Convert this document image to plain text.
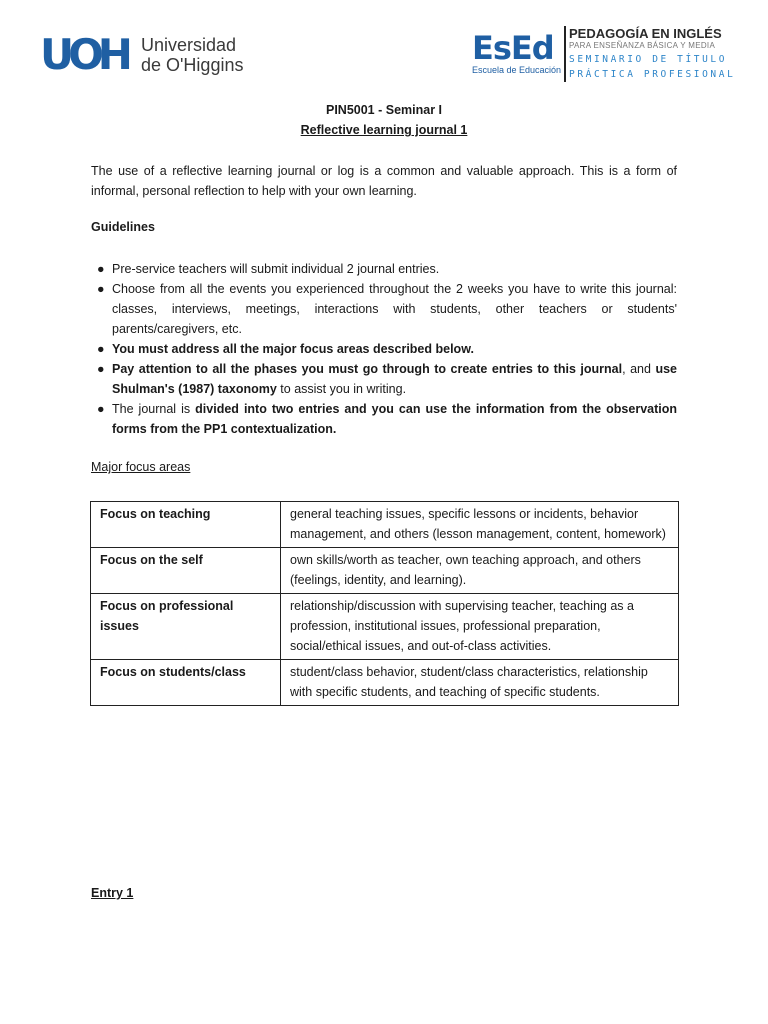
UOH Universidad
de O'Higgins	EsEd
Escuela de Educación
PEDAGOGÍA EN INGLÉS
PARA ENSEÑANZA BÁSICA Y MEDIA
SEMINARIO DE TÍTULO
PRÁCTICA PROFESIONAL
PIN5001 - Seminar I
Reflective learning journal 1
The use of a reflective learning journal or log is a common and valuable approach. This is a form of informal, personal reflection to help with your own learning.
Guidelines
● Pre-service teachers will submit individual 2 journal entries.
● Choose from all the events you experienced throughout the 2 weeks you have to write this journal: classes, interviews, meetings, interactions with students, other teachers or students' parents/caregivers, etc.
● You must address all the major focus areas described below.
● Pay attention to all the phases you must go through to create entries to this journal, and use Shulman's (1987) taxonomy to assist you in writing.
● The journal is divided into two entries and you can use the information from the observation forms from the PP1 contextualization.
Major focus areas
Focus on teaching	general teaching issues, specific lessons or incidents, behavior management, and others (lesson management, content, homework)
Focus on the self	own skills/worth as teacher, own teaching approach, and others (feelings, identity, and learning).
Focus on professional issues	relationship/discussion with supervising teacher, teaching as a profession, institutional issues, professional preparation, social/ethical issues, and out-of-class activities.
Focus on students/class	student/class behavior, student/class characteristics, relationship with specific students, and teaching of specific students.
Entry 1
